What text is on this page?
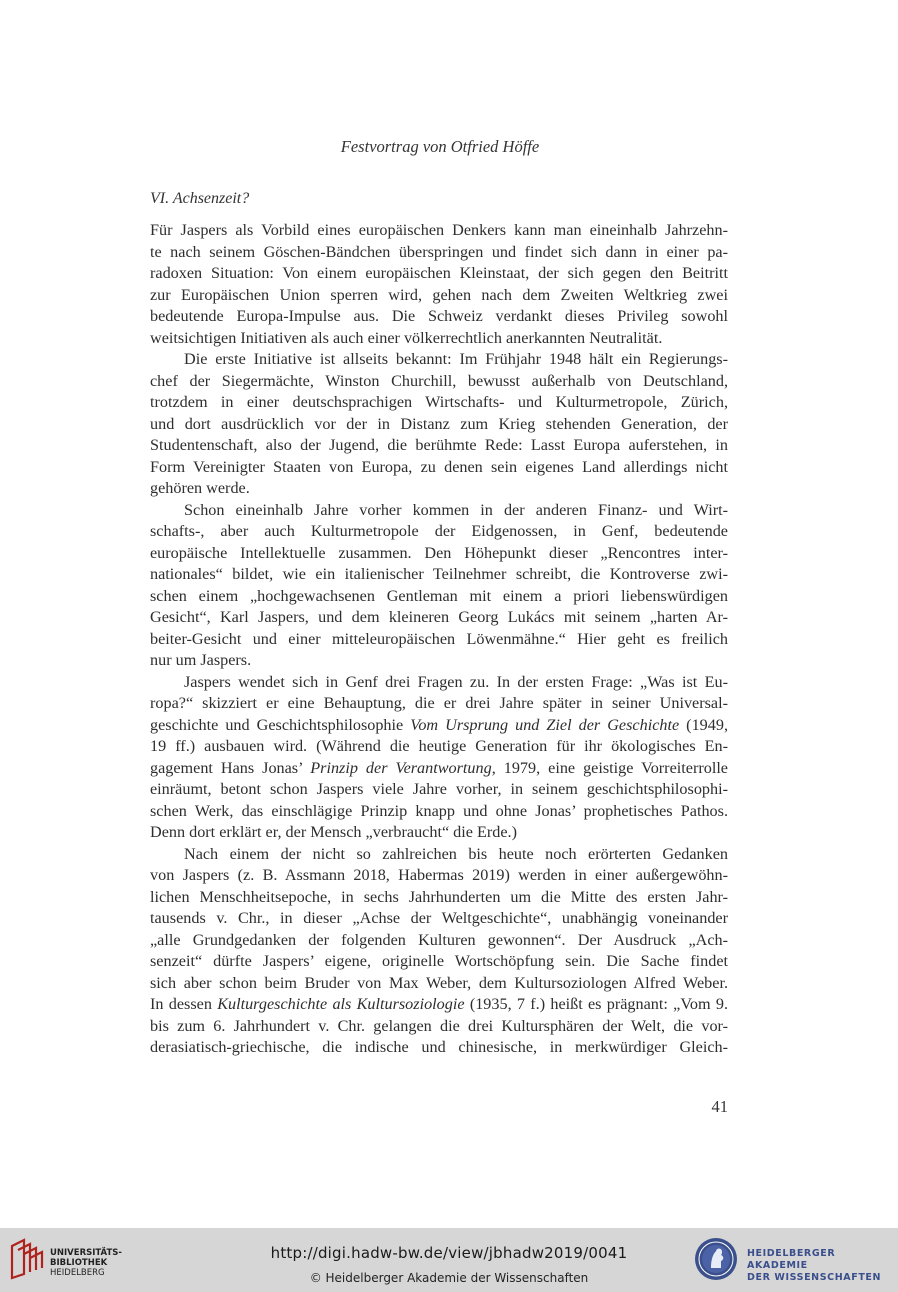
Festvortrag von Otfried Höffe
VI. Achsenzeit?
Für Jaspers als Vorbild eines europäischen Denkers kann man eineinhalb Jahrzehn-
te nach seinem Göschen-Bändchen überspringen und findet sich dann in einer pa-
radoxen Situation: Von einem europäischen Kleinstaat, der sich gegen den Beitritt
zur Europäischen Union sperren wird, gehen nach dem Zweiten Weltkrieg zwei
bedeutende Europa-Impulse aus. Die Schweiz verdankt dieses Privileg sowohl
weitsichtigen Initiativen als auch einer völkerrechtlich anerkannten Neutralität.
Die erste Initiative ist allseits bekannt: Im Frühjahr 1948 hält ein Regierungs-
chef der Siegermächte, Winston Churchill, bewusst außerhalb von Deutschland,
trotzdem in einer deutschsprachigen Wirtschafts- und Kulturmetropole, Zürich,
und dort ausdrücklich vor der in Distanz zum Krieg stehenden Generation, der
Studentenschaft, also der Jugend, die berühmte Rede: Lasst Europa auferstehen, in
Form Vereinigter Staaten von Europa, zu denen sein eigenes Land allerdings nicht
gehören werde.
Schon eineinhalb Jahre vorher kommen in der anderen Finanz- und Wirt-
schafts-, aber auch Kulturmetropole der Eidgenossen, in Genf, bedeutende
europäische Intellektuelle zusammen. Den Höhepunkt dieser „Rencontres inter-
nationales“ bildet, wie ein italienischer Teilnehmer schreibt, die Kontroverse zwi-
schen einem „hochgewachsenen Gentleman mit einem a priori liebenswürdigen
Gesicht“, Karl Jaspers, und dem kleineren Georg Lukács mit seinem „harten Ar-
beiter-Gesicht und einer mitteleuropäischen Löwenmähne.“ Hier geht es freilich
nur um Jaspers.
Jaspers wendet sich in Genf drei Fragen zu. In der ersten Frage: „Was ist Eu-
ropa?“ skizziert er eine Behauptung, die er drei Jahre später in seiner Universal-
geschichte und Geschichtsphilosophie Vom Ursprung und Ziel der Geschichte (1949,
19 ff.) ausbauen wird. (Während die heutige Generation für ihr ökologisches En-
gagement Hans Jonas’ Prinzip der Verantwortung, 1979, eine geistige Vorreiterrolle
einräumt, betont schon Jaspers viele Jahre vorher, in seinem geschichtsphilosophi-
schen Werk, das einschlägige Prinzip knapp und ohne Jonas’ prophetisches Pathos.
Denn dort erklärt er, der Mensch „verbraucht“ die Erde.)
Nach einem der nicht so zahlreichen bis heute noch erörterten Gedanken
von Jaspers (z. B. Assmann 2018, Habermas 2019) werden in einer außergewöhn-
lichen Menschheitsepoche, in sechs Jahrhunderten um die Mitte des ersten Jahr-
tausends v. Chr., in dieser „Achse der Weltgeschichte“, unabhängig voneinander
„alle Grundgedanken der folgenden Kulturen gewonnen“. Der Ausdruck „Ach-
senzeit“ dürfte Jaspers’ eigene, originelle Wortschöpfung sein. Die Sache findet
sich aber schon beim Bruder von Max Weber, dem Kultursoziologen Alfred Weber.
In dessen Kulturgeschichte als Kultursoziologie (1935, 7 f.) heißt es prägnant: „Vom 9.
bis zum 6. Jahrhundert v. Chr. gelangen die drei Kultursphären der Welt, die vor-
derasiatisch-griechische, die indische und chinesische, in merkwürdiger Gleich-
41
UNIVERSITÄTS-
BIBLIOTHEK
HEIDELBERG
http://digi.hadw-bw.de/view/jbhadw2019/0041
© Heidelberger Akademie der Wissenschaften
HEIDELBERGER AKADEMIE
DER WISSENSCHAFTEN
